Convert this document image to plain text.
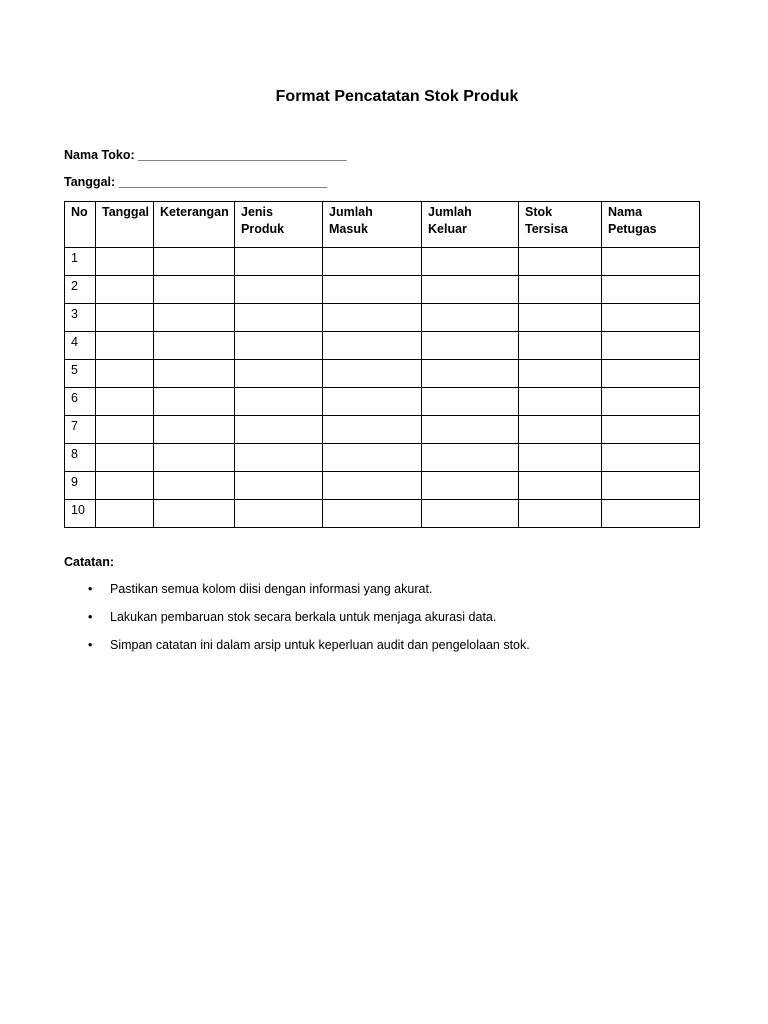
Format Pencatatan Stok Produk
Nama Toko: ______________________________
Tanggal: ______________________________
No	Tanggal	Keterangan	Jenis Produk	Jumlah Masuk	Jumlah Keluar	Stok Tersisa	Nama Petugas
1							
2							
3							
4							
5							
6							
7							
8							
9							
10							
Catatan:
• Pastikan semua kolom diisi dengan informasi yang akurat.
• Lakukan pembaruan stok secara berkala untuk menjaga akurasi data.
• Simpan catatan ini dalam arsip untuk keperluan audit dan pengelolaan stok.
